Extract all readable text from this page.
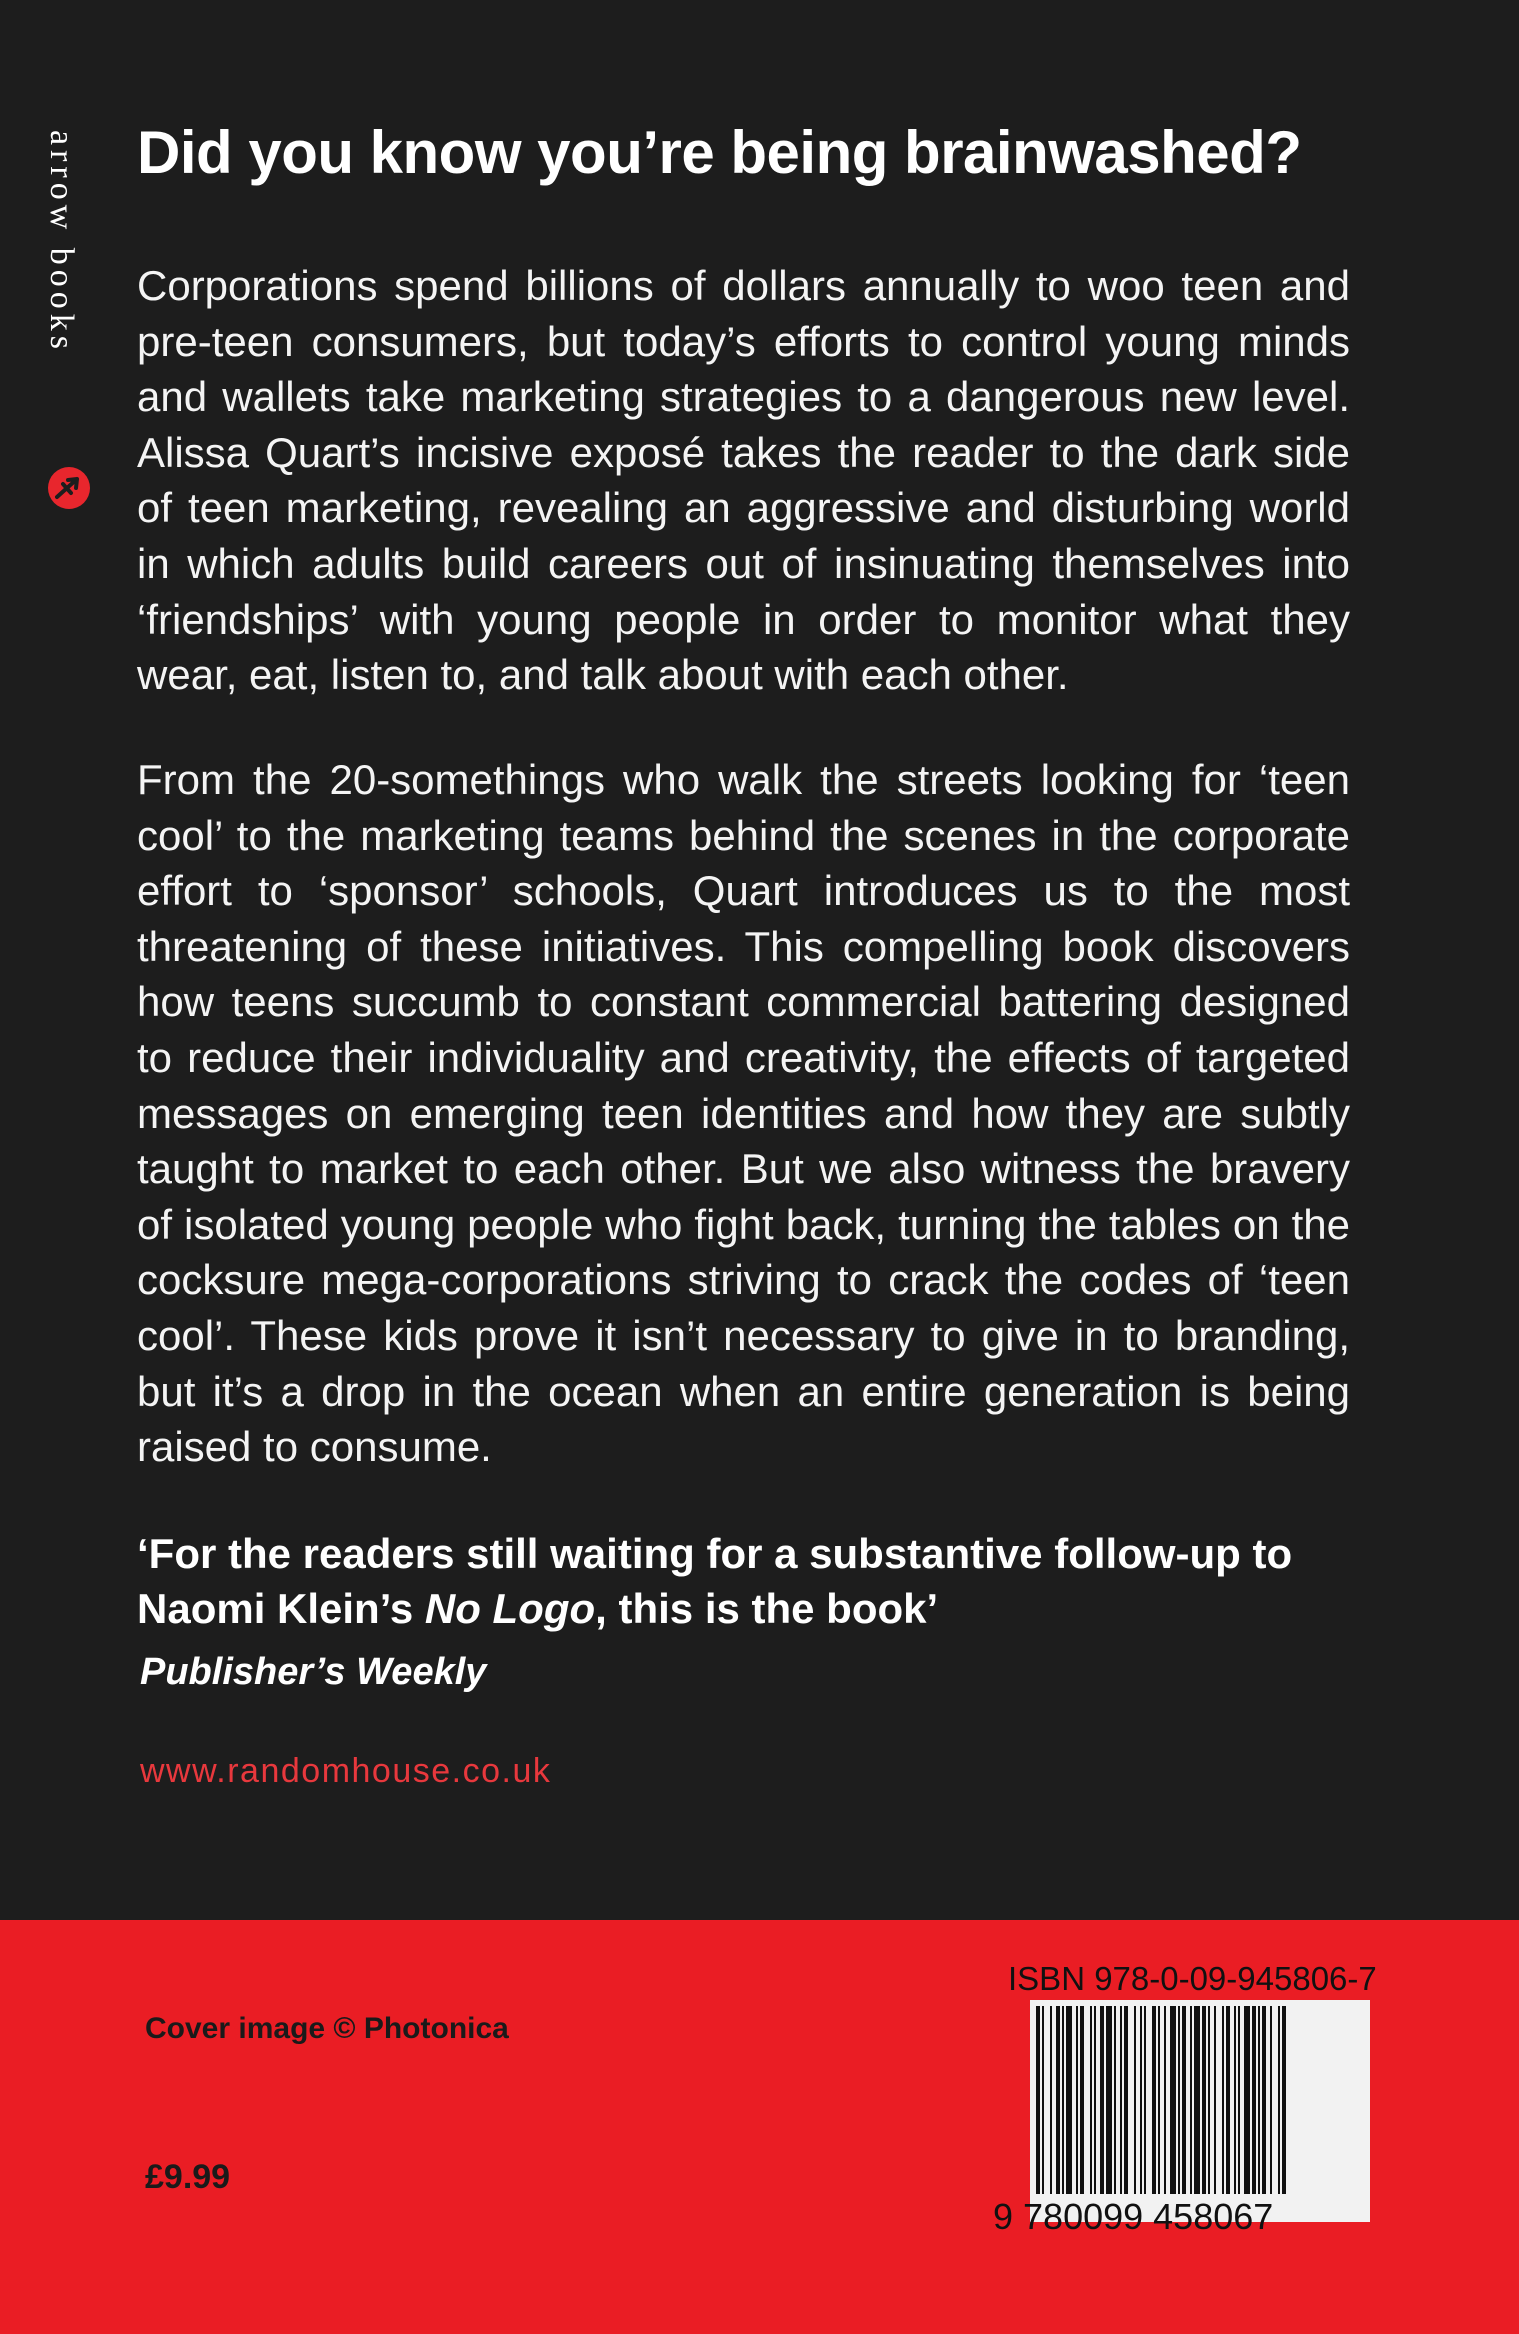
arrow books Did you know you’re being brainwashed?

Corporations spend billions of dollars annually to woo teen and pre-teen consumers, but today’s efforts to control young minds and wallets take marketing strategies to a dangerous new level. Alissa Quart’s incisive exposé takes the reader to the dark side of teen marketing, revealing an aggressive and disturbing world in which adults build careers out of insinuating themselves into ‘friendships’ with young people in order to monitor what they wear, eat, listen to, and talk about with each other.

From the 20-somethings who walk the streets looking for ‘teen cool’ to the marketing teams behind the scenes in the corporate effort to ‘sponsor’ schools, Quart introduces us to the most threatening of these initiatives. This compelling book discovers how teens succumb to constant commercial battering designed to reduce their individuality and creativity, the effects of targeted messages on emerging teen identities and how they are subtly taught to market to each other. But we also witness the bravery of isolated young people who fight back, turning the tables on the cocksure mega-corporations striving to crack the codes of ‘teen cool’. These kids prove it isn’t necessary to give in to branding, but it’s a drop in the ocean when an entire generation is being raised to consume.

‘For the readers still waiting for a substantive follow-up to Naomi Klein’s No Logo, this is the book’

Publisher’s Weekly

www.randomhouse.co.uk

Cover image © Photonica
£9.99
ISBN 978-0-09-945806-7
9 780099 458067
